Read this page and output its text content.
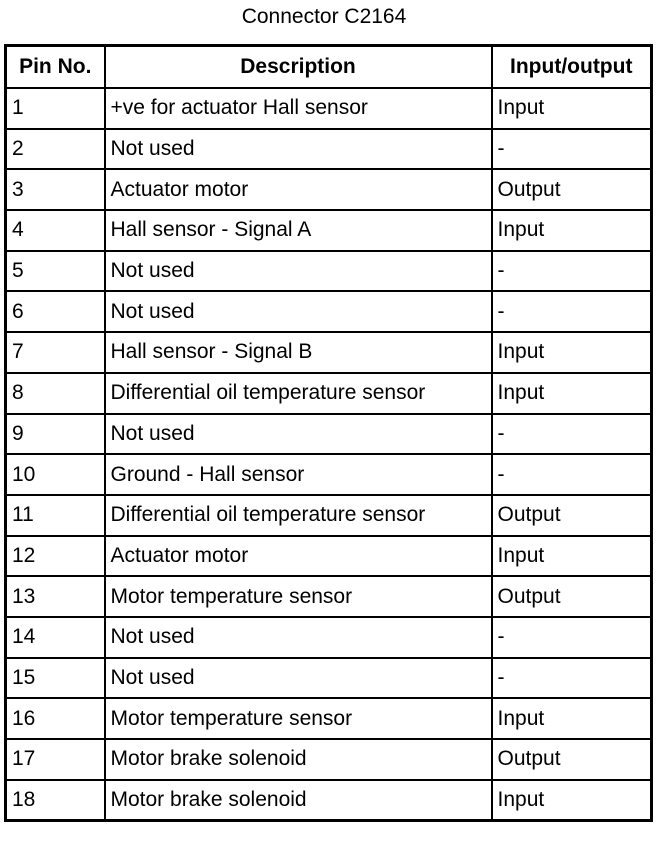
Connector C2164
Pin No.	Description	Input/output
1	+ve for actuator Hall sensor	Input
2	Not used	-
3	Actuator motor	Output
4	Hall sensor - Signal A	Input
5	Not used	-
6	Not used	-
7	Hall sensor - Signal B	Input
8	Differential oil temperature sensor	Input
9	Not used	-
10	Ground - Hall sensor	-
11	Differential oil temperature sensor	Output
12	Actuator motor	Input
13	Motor temperature sensor	Output
14	Not used	-
15	Not used	-
16	Motor temperature sensor	Input
17	Motor brake solenoid	Output
18	Motor brake solenoid	Input
